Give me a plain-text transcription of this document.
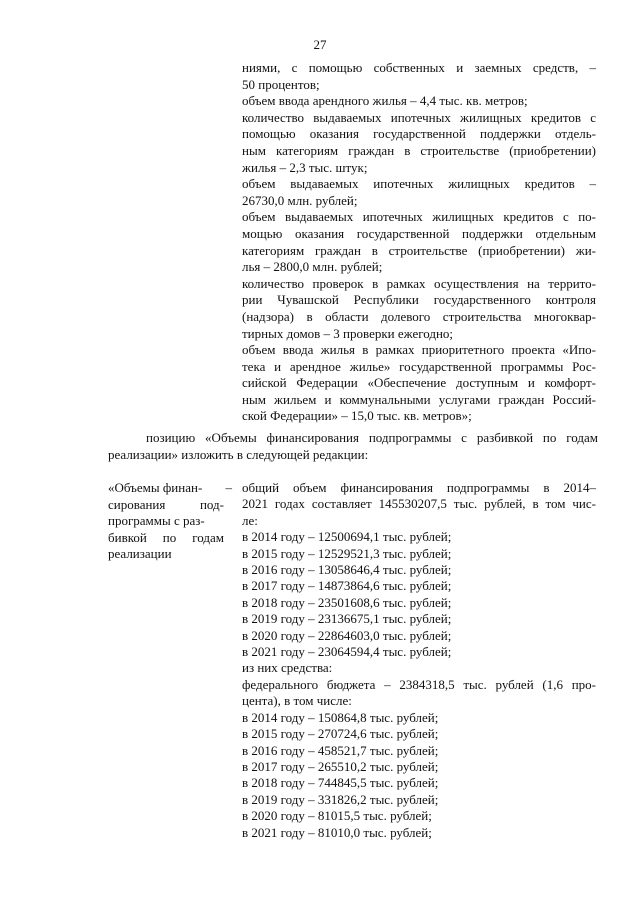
27

ниями, с помощью собственных и заемных средств, –

50 процентов;

объем ввода арендного жилья – 4,4 тыс. кв. метров;

количество выдаваемых ипотечных жилищных кредитов с

помощью оказания государственной поддержки отдель-

ным категориям граждан в строительстве (приобретении)

жилья – 2,3 тыс. штук;

объем выдаваемых ипотечных жилищных кредитов –

26730,0 млн. рублей;

объем выдаваемых ипотечных жилищных кредитов с по-

мощью оказания государственной поддержки отдельным

категориям граждан в строительстве (приобретении) жи-

лья – 2800,0 млн. рублей;

количество проверок в рамках осуществления на террито-

рии Чувашской Республики государственного контроля

(надзора) в области долевого строительства многоквар-

тирных домов – 3 проверки ежегодно;

объем ввода жилья в рамках приоритетного проекта «Ипо-

тека и арендное жилье» государственной программы Рос-

сийской Федерации «Обеспечение доступным и комфорт-

ным жильем и коммунальными услугами граждан Россий-

ской Федерации» – 15,0 тыс. кв. метров»;

позицию «Объемы финансирования подпрограммы с разбивкой по годам

реализации» изложить в следующей редакции:

«Объемы финан- –

сирования под-

программы с раз-

бивкой по годам

реализации

общий объем финансирования подпрограммы в 2014–

2021 годах составляет 145530207,5 тыс. рублей, в том чис-

ле:

в 2014 году – 12500694,1 тыс. рублей;

в 2015 году – 12529521,3 тыс. рублей;

в 2016 году – 13058646,4 тыс. рублей;

в 2017 году – 14873864,6 тыс. рублей;

в 2018 году – 23501608,6 тыс. рублей;

в 2019 году – 23136675,1 тыс. рублей;

в 2020 году – 22864603,0 тыс. рублей;

в 2021 году – 23064594,4 тыс. рублей;

из них средства:

федерального бюджета – 2384318,5 тыс. рублей (1,6 про-

цента), в том числе:

в 2014 году – 150864,8 тыс. рублей;

в 2015 году – 270724,6 тыс. рублей;

в 2016 году – 458521,7 тыс. рублей;

в 2017 году – 265510,2 тыс. рублей;

в 2018 году – 744845,5 тыс. рублей;

в 2019 году – 331826,2 тыс. рублей;

в 2020 году – 81015,5 тыс. рублей;

в 2021 году – 81010,0 тыс. рублей;
